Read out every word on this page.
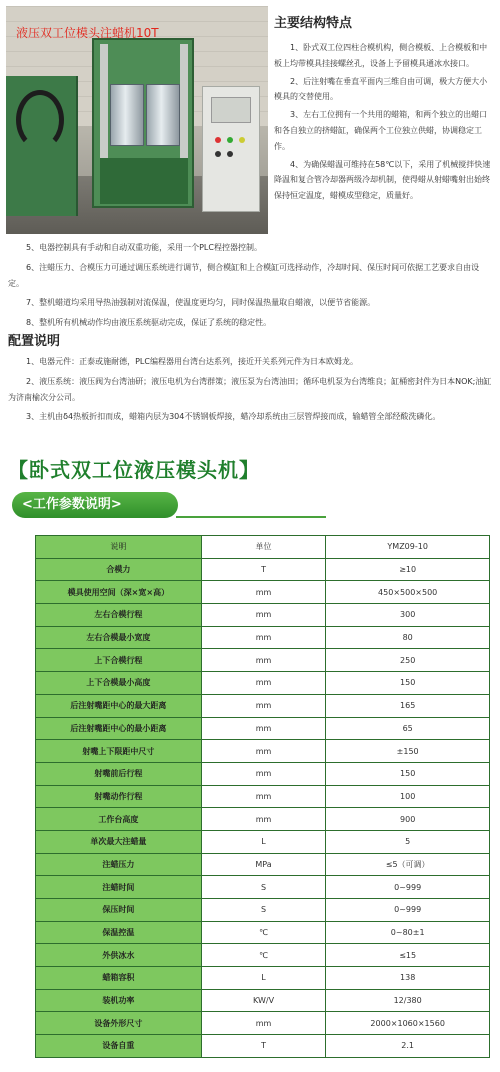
液压双工位模头注蜡机10T
主要结构特点

1、卧式双工位四柱合模机构，侧合模板、上合模板和中板上均带模具挂接螺丝孔，设备上予留模具通冰水接口。

2、后注射嘴在垂直平面内三维自由可调，极大方便大小模具的交替使用。

3、左右工位拥有一个共用的蜡箱，和两个独立的出蜡口和各自独立的挤蜡缸，确保两个工位独立供蜡，协调稳定工作。

4、为确保蜡温可维持在58℃以下，采用了机械搅拌快速降温和复合管冷却器两级冷却机制，使得蜡从射蜡嘴射出始终保持恒定温度，蜡模成型稳定，质量好。

5、电器控制具有手动和自动双重功能，采用一个PLC程控器控制。

6、注蜡压力、合模压力可通过调压系统进行调节，侧合模缸和上合模缸可选择动作，冷却时间、保压时间可依据工艺要求自由设定。

7、整机蜡道均采用导热油强制对流保温，使温度更均匀，同时保温热量取自蜡液，以便节省能源。

8、整机所有机械动作均由液压系统驱动完成，保证了系统的稳定性。

配置说明

1、电器元件：正泰或施耐德，PLC编程器用台湾台达系列，接近开关系列元件为日本欧姆龙。

2、液压系统：液压阀为台湾油研；液压电机为台湾群策；液压泵为台湾油田；循环电机泵为台湾维良；缸桶密封件为日本NOK;油缸为济南榆次分公司。

3、主机由δ4热板折扣而成，蜡箱内层为304不锈钢板焊接，蜡冷却系统由三层管焊接而成，输蜡管全部经酸洗磷化。

【卧式双工位液压模头机】
<工作参数说明>
说明	单位	YMZ09-10
合模力	T	≥10
模具使用空间（深×宽×高）	mm	450×500×500
左右合模行程	mm	300
左右合模最小宽度	mm	80
上下合模行程	mm	250
上下合模最小高度	mm	150
后注射嘴距中心的最大距离	mm	165
后注射嘴距中心的最小距离	mm	65
射嘴上下限距中尺寸	mm	±150
射嘴前后行程	mm	150
射嘴动作行程	mm	100
工作台高度	mm	900
单次最大注蜡量	L	5
注蜡压力	MPa	≤5（可调）
注蜡时间	S	0~999
保压时间	S	0~999
保温控温	℃	0~80±1
外供冰水	℃	≤15
蜡箱容积	L	138
装机功率	KW/V	12/380
设备外形尺寸	mm	2000×1060×1560
设备自重	T	2.1
